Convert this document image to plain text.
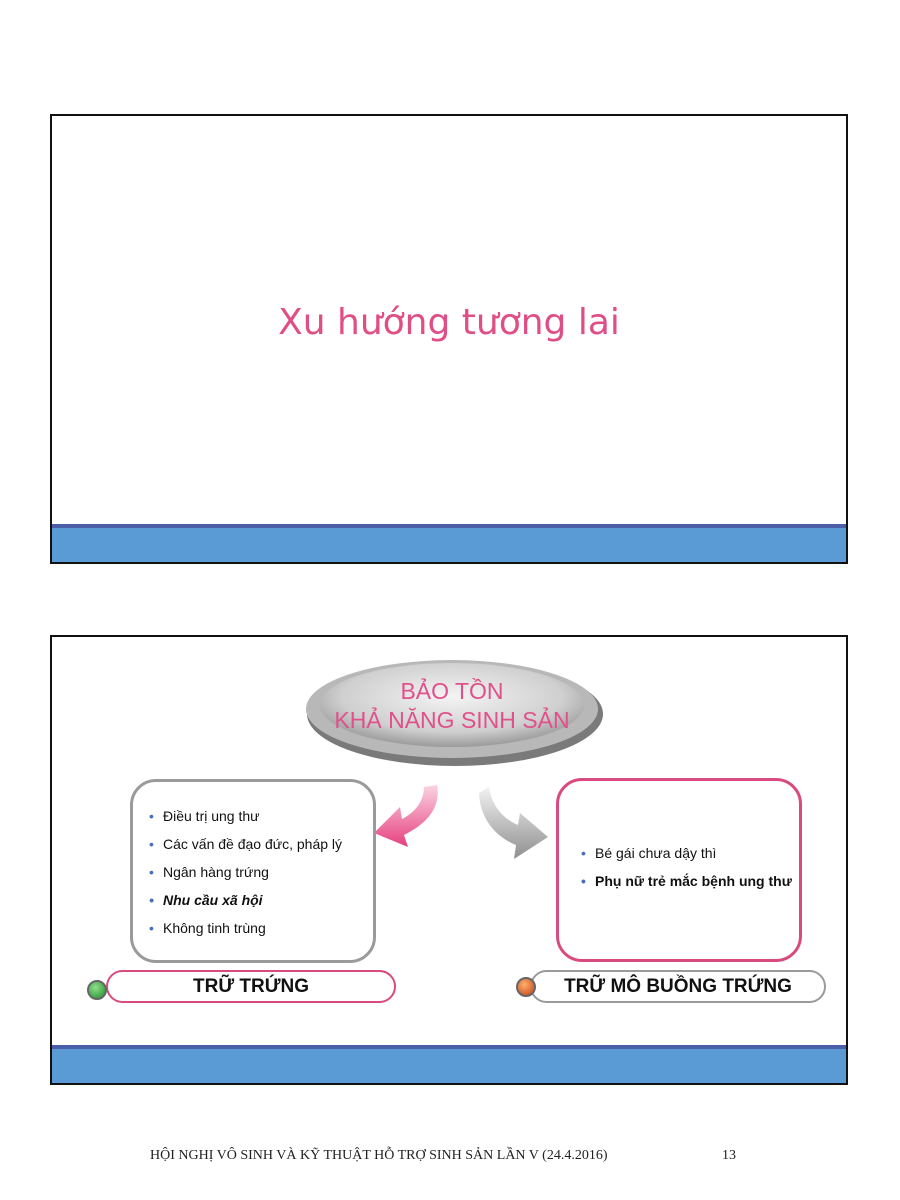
Xu hướng tương lai
BẢO TỒN
KHẢ NĂNG SINH SẢN
• Điều trị ung thư
• Các vấn đề đạo đức, pháp lý
• Ngân hàng trứng
• Nhu cầu xã hội
• Không tinh trùng
• Bé gái chưa dậy thì
• Phụ nữ trẻ mắc bệnh ung thư
TRỮ TRỨNG	TRỮ MÔ BUỒNG TRỨNG
HỘI NGHỊ VÔ SINH VÀ KỸ THUẬT HỖ TRỢ SINH SẢN LẦN V (24.4.2016)	13
